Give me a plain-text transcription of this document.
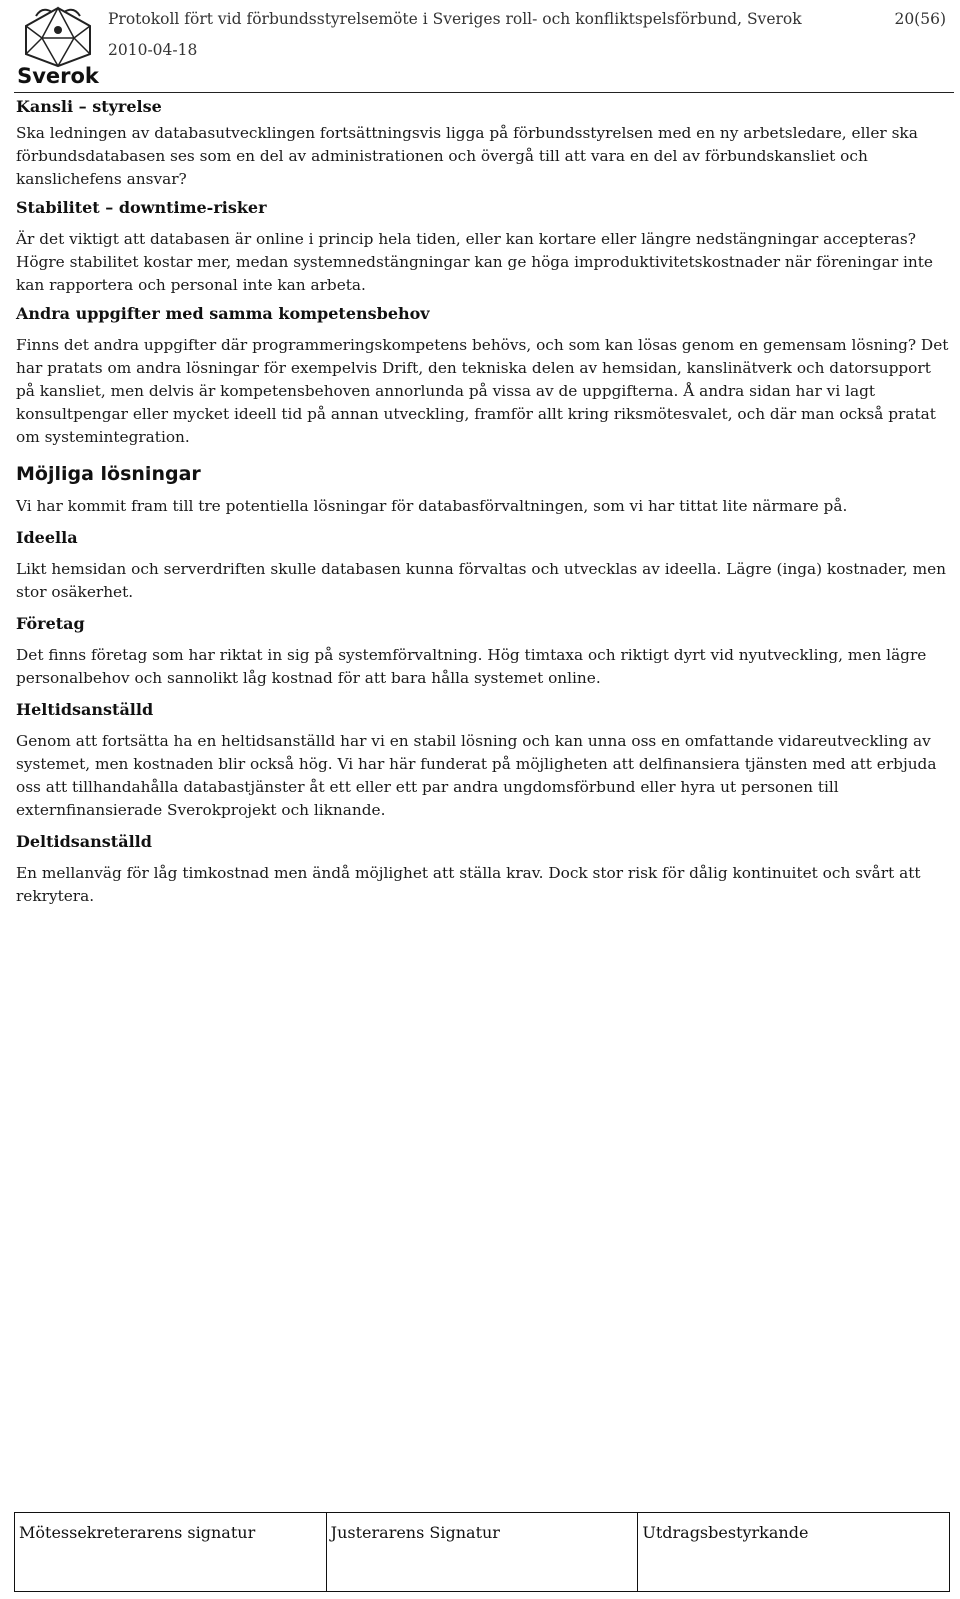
Sverok
Protokoll fört vid förbundsstyrelsemöte i Sveriges roll- och konfliktspelsförbund, Sverok
2010-04-18
20(56)
Kansli – styrelse

Ska ledningen av databasutvecklingen fortsättningsvis ligga på förbundsstyrelsen med en ny arbetsledare, eller ska förbundsdatabasen ses som en del av administrationen och övergå till att vara en del av förbundskansliet och kanslichefens ansvar?

Stabilitet – downtime-risker

Är det viktigt att databasen är online i princip hela tiden, eller kan kortare eller längre nedstängningar accepteras? Högre stabilitet kostar mer, medan systemnedstängningar kan ge höga improduktivitetskostnader när föreningar inte kan rapportera och personal inte kan arbeta.

Andra uppgifter med samma kompetensbehov

Finns det andra uppgifter där programmeringskompetens behövs, och som kan lösas genom en gemensam lösning? Det har pratats om andra lösningar för exempelvis Drift, den tekniska delen av hemsidan, kanslinätverk och datorsupport på kansliet, men delvis är kompetensbehoven annorlunda på vissa av de uppgifterna. Å andra sidan har vi lagt konsultpengar eller mycket ideell tid på annan utveckling, framför allt kring riksmötesvalet, och där man också pratat om systemintegration.

Möjliga lösningar

Vi har kommit fram till tre potentiella lösningar för databasförvaltningen, som vi har tittat lite närmare på.

Ideella

Likt hemsidan och serverdriften skulle databasen kunna förvaltas och utvecklas av ideella. Lägre (inga) kostnader, men stor osäkerhet.

Företag

Det finns företag som har riktat in sig på systemförvaltning. Hög timtaxa och riktigt dyrt vid nyutveckling, men lägre personalbehov och sannolikt låg kostnad för att bara hålla systemet online.

Heltidsanställd

Genom att fortsätta ha en heltidsanställd har vi en stabil lösning och kan unna oss en omfattande vidareutveckling av systemet, men kostnaden blir också hög. Vi har här funderat på möjligheten att delfinansiera tjänsten med att erbjuda oss att tillhandahålla databastjänster åt ett eller ett par andra ungdomsförbund eller hyra ut personen till externfinansierade Sverokprojekt och liknande.

Deltidsanställd

En mellanväg för låg timkostnad men ändå möjlighet att ställa krav. Dock stor risk för dålig kontinuitet och svårt att rekrytera.

Mötessekreterarens signatur	Justerarens Signatur	Utdragsbestyrkande
